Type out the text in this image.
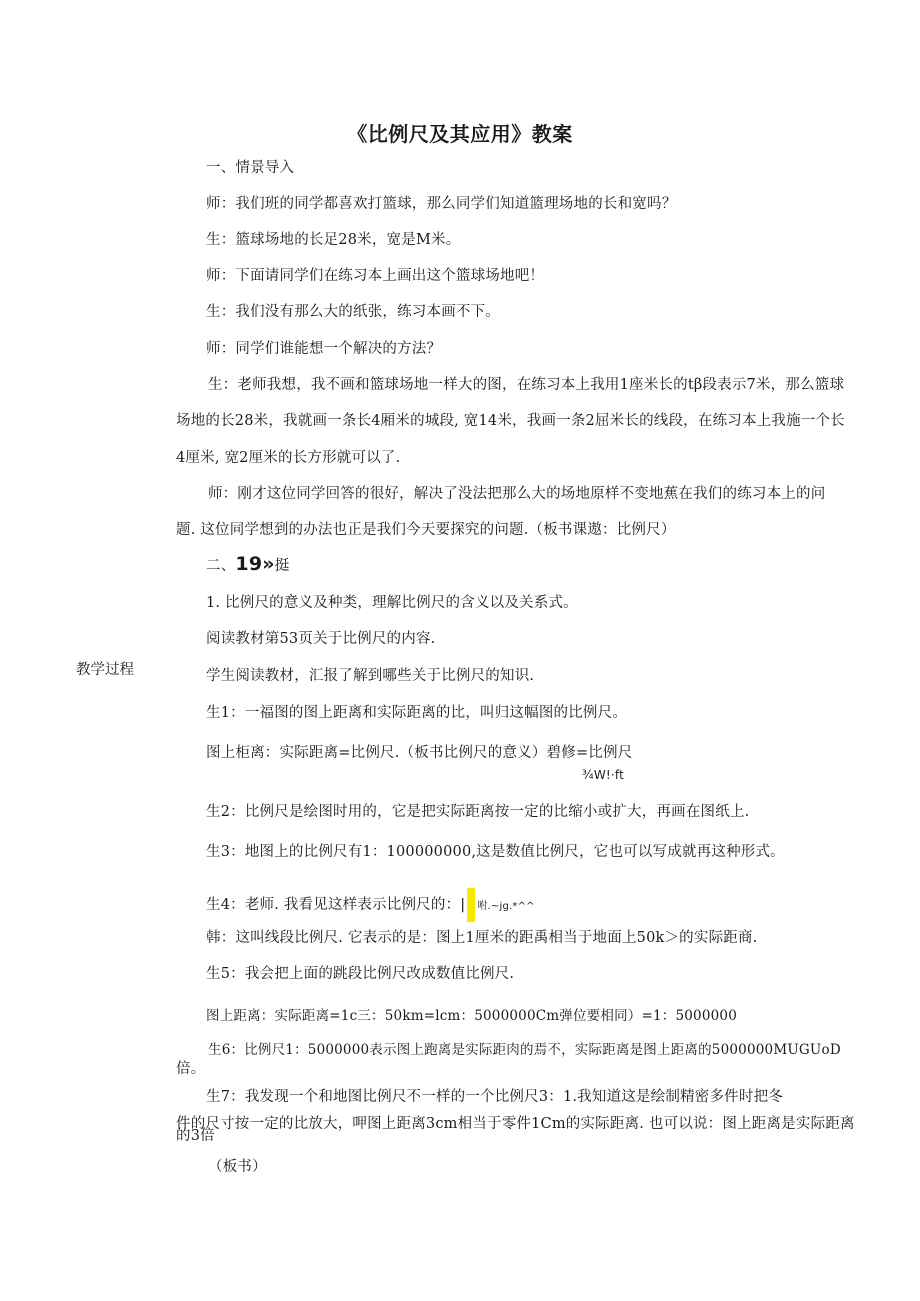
《比例尺及其应用》教案
一、情景导入
师：我们班的同学都喜欢打篮球，那么同学们知道篮理场地的长和宽吗？
生：篮球场地的长足28米，宽是M米。
师：下面请同学们在练习本上画出这个篮球场地吧！
生：我们没有那么大的纸张，练习本画不下。
师：同学们谁能想一个解决的方法？
生：老师我想，我不画和篮球场地一样大的图，在练习本上我用1座米长的tβ段表示7米，那么篮球
场地的长28米，我就画一条长4厢米的城段, 宽14米，我画一条2屈米长的线段，在练习本上我施一个长
4厘米, 宽2厘米的长方形就可以了.
师：刚才这位同学回答的很好，解决了没法把那么大的场地原样不变地蕉在我们的练习本上的问
题. 这位同学想到的办法也正是我们今天要探究的问题.（板书课遨：比例尺）
二、19»挺
1. 比例尺的意义及种类，理解比例尺的含义以及关系式。
阅读教材第53页关于比例尺的内容.
教学过程	学生阅读教材，汇报了解到哪些关于比例尺的知识.
生1：一福图的图上距离和实际距离的比，叫归这幅图的比例尺。
图上柜离：实际距离=比例尺.（板书比例尺的意义）碧修=比例尺
¾W!·ft
生2：比例尺是绘图时用的，它是把实际距离按一定的比缩小或扩大，再画在图纸上.
生3：地图上的比例尺有1：100000000,这是数值比例尺，它也可以写成就再这种形式。
生4：老师. 我看见这样表示比例尺的：| 咐.~jg.*^^
韩：这叫线段比例尺. 它表示的是：图上1厘米的距禹相当于地面上50k＞的实际距商.
生5：我会把上面的跳段比例尺改成数值比例尺.
图上距离：实际距离=1c三：50km=lcm：5000000Cm弹位要相同）=1：5000000
生6：比例尺1：5000000表示图上跑离是实际距肉的焉不，实际距离是图上距离的5000000MUGUoD
倍。
生7：我发现一个和地图比例尺不一样的一个比例尺3：1.我知道这是绘制精密多件时把冬
件的尺寸按一定的比放大，呷图上距离3cm相当于零件1Cm的实际距离. 也可以说：图上距离是实际距离
的3倍
（板书）
